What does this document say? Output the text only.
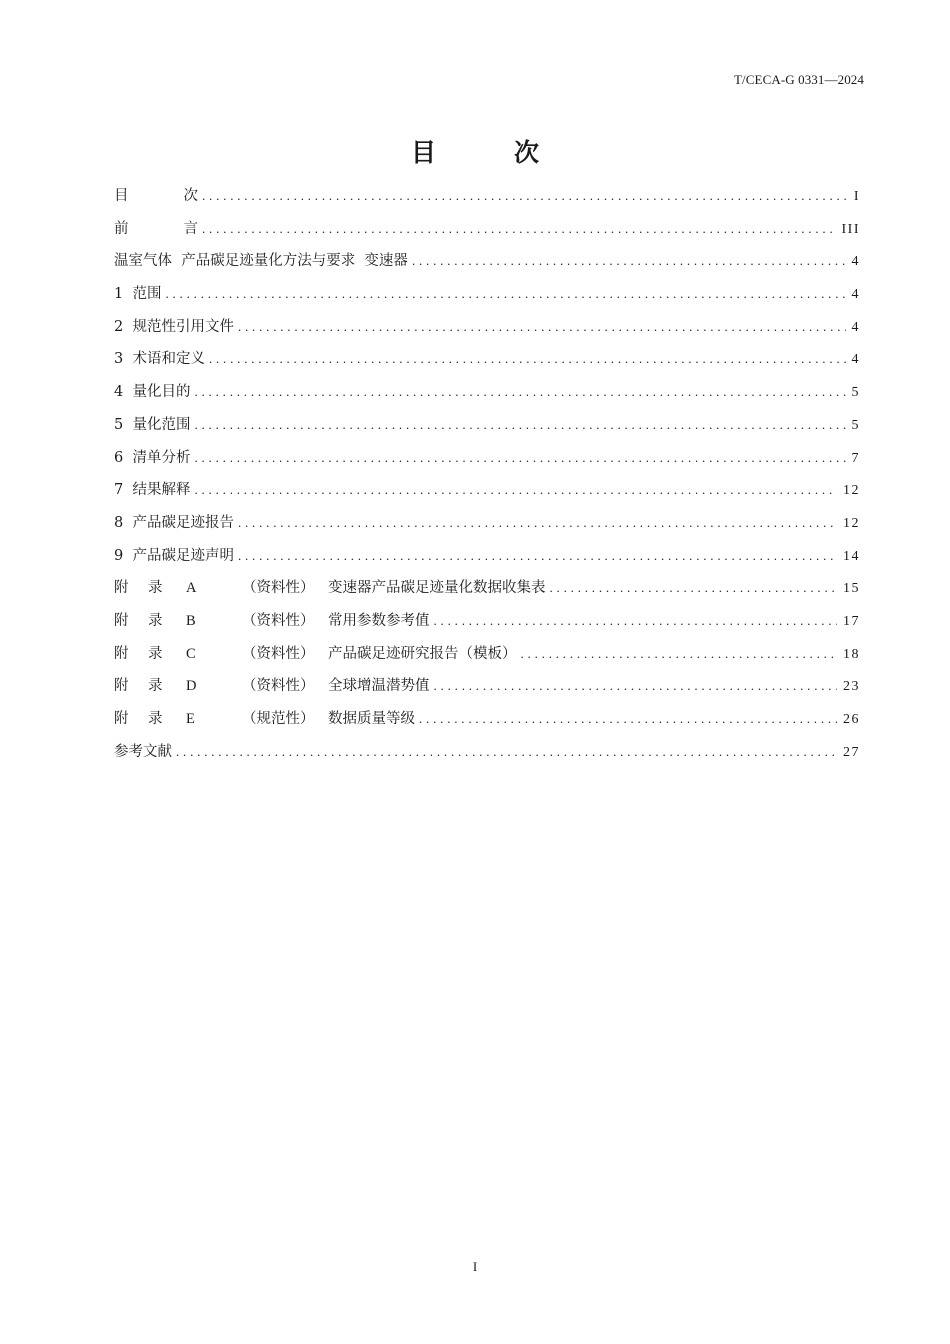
T/CECA-G 0331—2024
目	次
目 次 .....	I
前 言 .....	III
温室气体  产品碳足迹量化方法与要求  变速器 .....	4
1  范围 .....	4
2  规范性引用文件 .....	4
3  术语和定义 .....	4
4  量化目的 .....	5
5  量化范围 .....	5
6  清单分析 .....	7
7  结果解释 .....	12
8  产品碳足迹报告 .....	12
9  产品碳足迹声明 .....	14
附 录 A	（资料性） 变速器产品碳足迹量化数据收集表 .....	15
附 录 B	（资料性） 常用参数参考值 .....	17
附 录 C	（资料性） 产品碳足迹研究报告（模板） .....	18
附 录 D	（资料性） 全球增温潜势值 .....	23
附 录 E	（规范性） 数据质量等级 .....	26
参考文献 .....	27
I
